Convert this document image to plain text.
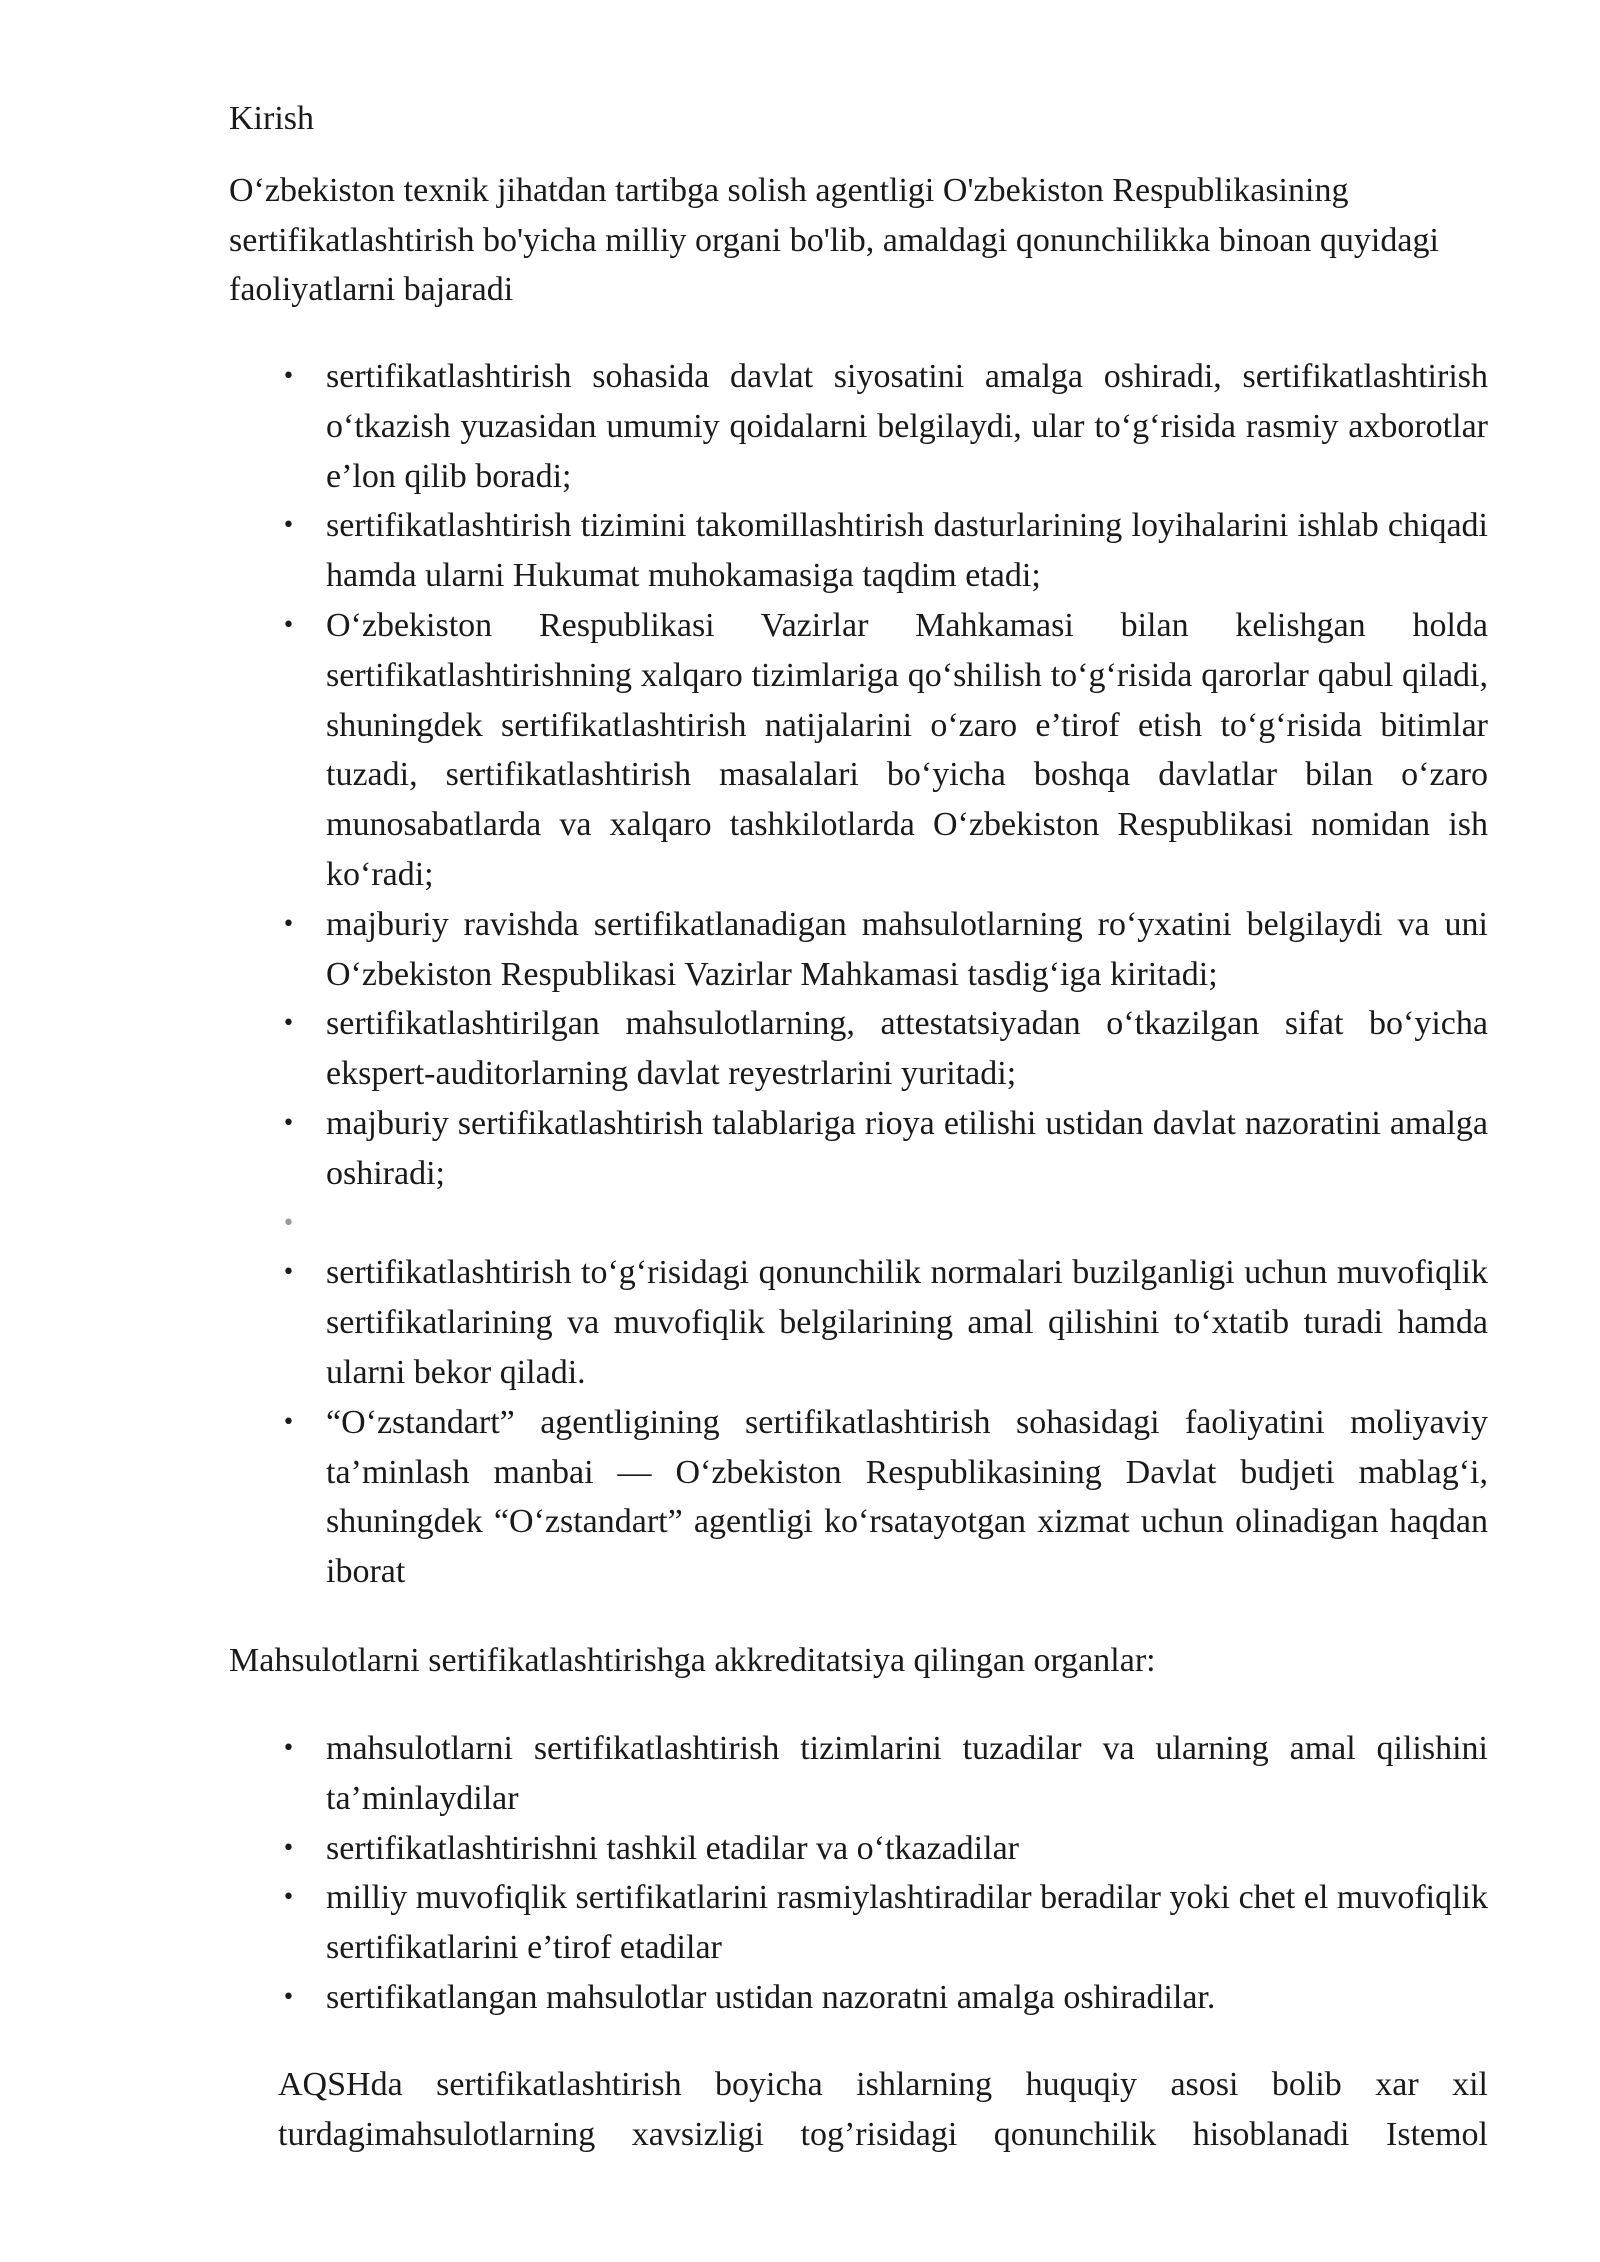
Kirish

O‘zbekiston texnik jihatdan tartibga solish agentligi O'zbekiston Respublikasining sertifikatlashtirish bo'yicha milliy organi bo'lib, amaldagi qonunchilikka binoan quyidagi faoliyatlarni bajaradi

• sertifikatlashtirish sohasida davlat siyosatini amalga oshiradi, sertifikatlashtirish o‘tkazish yuzasidan umumiy qoidalarni belgilaydi, ular to‘g‘risida rasmiy axborotlar e’lon qilib boradi;
• sertifikatlashtirish tizimini takomillashtirish dasturlarining loyihalarini ishlab chiqadi hamda ularni Hukumat muhokamasiga taqdim etadi;
• O‘zbekiston Respublikasi Vazirlar Mahkamasi bilan kelishgan holda sertifikatlashtirishning xalqaro tizimlariga qo‘shilish to‘g‘risida qarorlar qabul qiladi, shuningdek sertifikatlashtirish natijalarini o‘zaro e’tirof etish to‘g‘risida bitimlar tuzadi, sertifikatlashtirish masalalari bo‘yicha boshqa davlatlar bilan o‘zaro munosabatlarda va xalqaro tashkilotlarda O‘zbekiston Respublikasi nomidan ish ko‘radi;
• majburiy ravishda sertifikatlanadigan mahsulotlarning ro‘yxatini belgilaydi va uni O‘zbekiston Respublikasi Vazirlar Mahkamasi tasdig‘iga kiritadi;
• sertifikatlashtirilgan mahsulotlarning, attestatsiyadan o‘tkazilgan sifat bo‘yicha ekspert-auditorlarning davlat reyestrlarini yuritadi;
• majburiy sertifikatlashtirish talablariga rioya etilishi ustidan davlat nazoratini amalga oshiradi;
•
• sertifikatlashtirish to‘g‘risidagi qonunchilik normalari buzilganligi uchun muvofiqlik sertifikatlarining va muvofiqlik belgilarining amal qilishini to‘xtatib turadi hamda ularni bekor qiladi.
• “O‘zstandart” agentligining sertifikatlashtirish sohasidagi faoliyatini moliyaviy ta’minlash manbai — O‘zbekiston Respublikasining Davlat budjeti mablag‘i, shuningdek “O‘zstandart” agentligi ko‘rsatayotgan xizmat uchun olinadigan haqdan iborat

Mahsulotlarni sertifikatlashtirishga akkreditatsiya qilingan organlar:

• mahsulotlarni sertifikatlashtirish tizimlarini tuzadilar va ularning amal qilishini ta’minlaydilar
• sertifikatlashtirishni tashkil etadilar va o‘tkazadilar
• milliy muvofiqlik sertifikatlarini rasmiylashtiradilar beradilar yoki chet el muvofiqlik sertifikatlarini e’tirof etadilar
• sertifikatlangan mahsulotlar ustidan nazoratni amalga oshiradilar.

AQSHda sertifikatlashtirish boyicha ishlarning huquqiy asosi bolib xar xil turdagimahsulotlarning xavsizligi tog’risidagi qonunchilik hisoblanadi Istemol
